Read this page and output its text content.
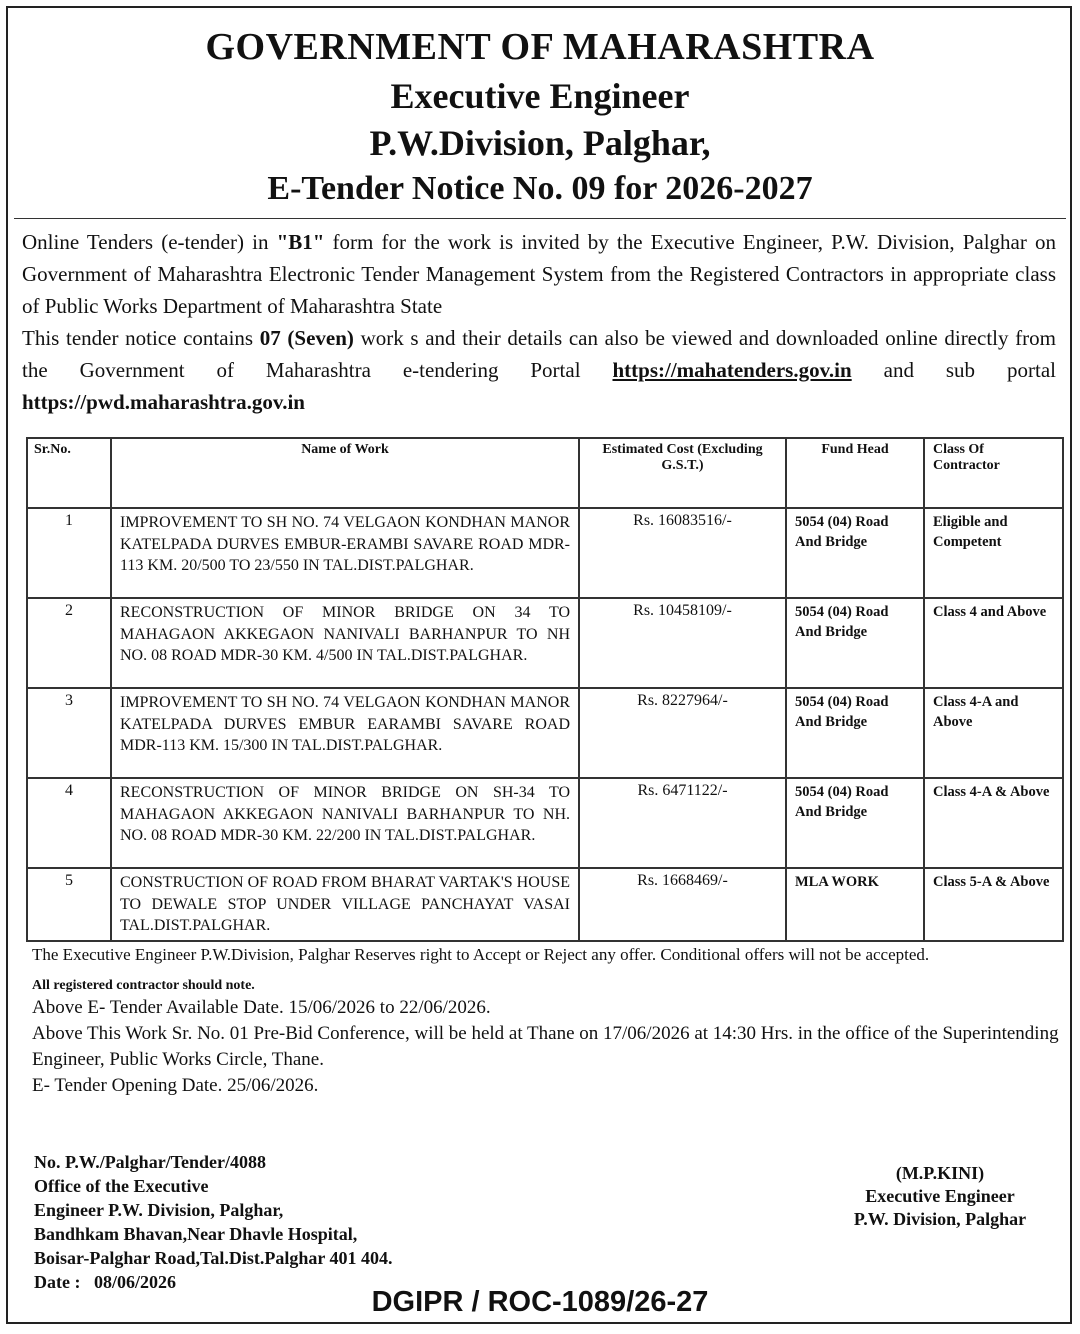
GOVERNMENT OF MAHARASHTRA
Executive Engineer
P.W.Division, Palghar,
E-Tender Notice No. 09 for 2026-2027
Online Tenders (e-tender) in "B1" form for the work is invited by the Executive Engineer, P.W. Division, Palghar on Government of Maharashtra Electronic Tender Management System from the Registered Contractors in appropriate class of Public Works Department of Maharashtra State
This tender notice contains 07 (Seven) work s and their details can also be viewed and downloaded online directly from the Government of Maharashtra e-tendering Portal https://mahatenders.gov.in and sub portal https://pwd.maharashtra.gov.in
Sr.No.	Name of Work	Estimated Cost (Excluding G.S.T.)	Fund Head	Class Of Contractor
1	IMPROVEMENT TO SH NO. 74 VELGAON KONDHAN MANOR KATELPADA DURVES EMBUR-ERAMBI SAVARE ROAD MDR-113 KM. 20/500 TO 23/550 IN TAL.DIST.PALGHAR.	Rs. 16083516/-	5054 (04) Road And Bridge	Eligible and Competent
2	RECONSTRUCTION OF MINOR BRIDGE ON 34 TO MAHAGAON AKKEGAON NANIVALI BARHANPUR TO NH NO. 08 ROAD MDR-30 KM. 4/500 IN TAL.DIST.PALGHAR.	Rs. 10458109/-	5054 (04) Road And Bridge	Class 4 and Above
3	IMPROVEMENT TO SH NO. 74 VELGAON KONDHAN MANOR KATELPADA DURVES EMBUR EARAMBI SAVARE ROAD MDR-113 KM. 15/300 IN TAL.DIST.PALGHAR.	Rs. 8227964/-	5054 (04) Road And Bridge	Class 4-A and Above
4	RECONSTRUCTION OF MINOR BRIDGE ON SH-34 TO MAHAGAON AKKEGAON NANIVALI BARHANPUR TO NH. NO. 08 ROAD MDR-30 KM. 22/200 IN TAL.DIST.PALGHAR.	Rs. 6471122/-	5054 (04) Road And Bridge	Class 4-A & Above
5	CONSTRUCTION OF ROAD FROM BHARAT VARTAK'S HOUSE TO DEWALE STOP UNDER VILLAGE PANCHAYAT VASAI TAL.DIST.PALGHAR.	Rs. 1668469/-	MLA WORK	Class 5-A & Above

The Executive Engineer P.W.Division, Palghar Reserves right to Accept or Reject any offer. Conditional offers will not be accepted.

All registered contractor should note.

Above E- Tender Available Date. 15/06/2026 to 22/06/2026.

Above This Work Sr. No. 01 Pre-Bid Conference, will be held at Thane on 17/06/2026 at 14:30 Hrs. in the office of the Superintending Engineer, Public Works Circle, Thane.

E- Tender Opening Date. 25/06/2026.

No. P.W./Palghar/Tender/4088
Office of the Executive
Engineer P.W. Division, Palghar,
Bandhkam Bhavan,Near Dhavle Hospital,
Boisar-Palghar Road,Tal.Dist.Palghar 401 404.
Date : 08/06/2026
(M.P.KINI)
Executive Engineer
P.W. Division, Palghar
DGIPR / ROC-1089/26-27
